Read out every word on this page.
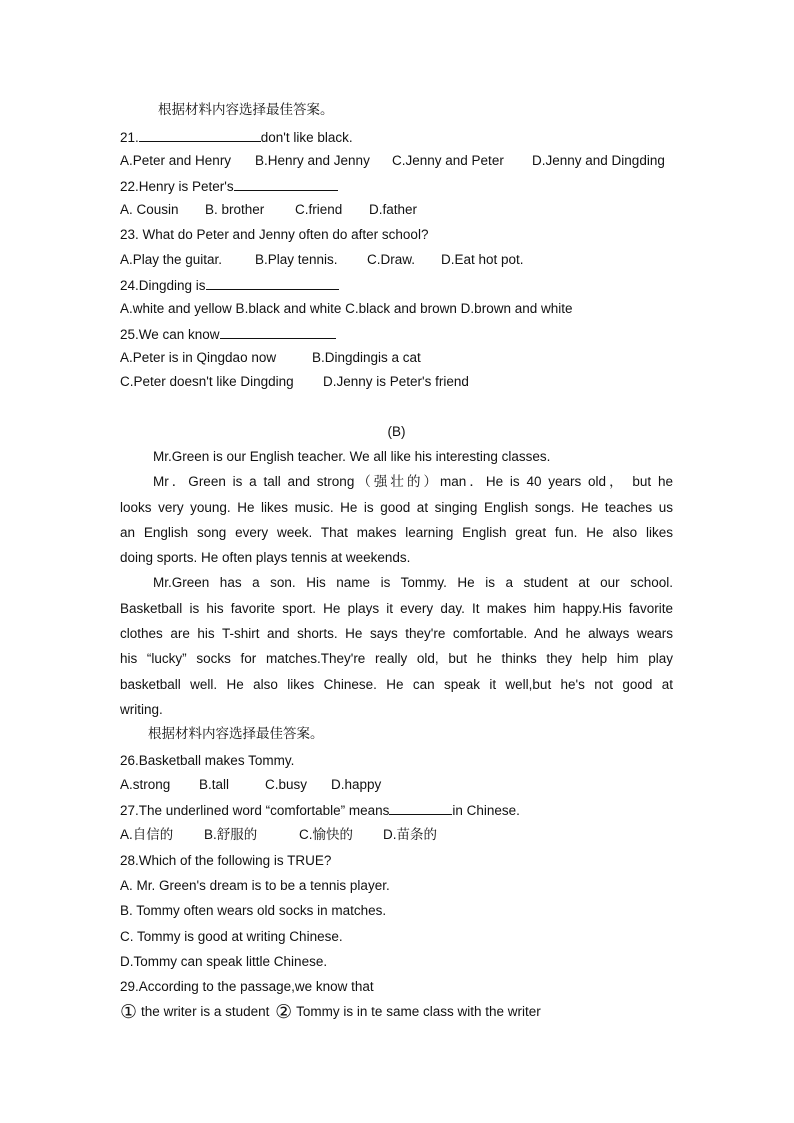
根据材料内容选择最佳答案。
21.	don't like black.
A.Peter and Henry B.Henry and Jenny C.Jenny and Peter D.Jenny and Dingding
22.Henry is Peter's
A. Cousin B. brother C.friend D.father
23. What do Peter and Jenny often do after school?
A.Play the guitar. B.Play tennis. C.Draw. D.Eat hot pot.
24.Dingding is
A.white and yellow B.black and white C.black and brown D.brown and white
25.We can know
A.Peter is in Qingdao now	B.Dingdingis a cat
C.Peter doesn't like Dingding D.Jenny is Peter's friend
(B)
Mr.Green is our English teacher. We all like his interesting classes.
Mr．Green is a tall and strong（强壮的）man．He is 40 years old， but he
looks very young. He likes music. He is good at singing English songs. He teaches us
an English song every week. That makes learning English great fun. He also likes
doing sports. He often plays tennis at weekends.
Mr.Green has a son. His name is Tommy. He is a student at our school.
Basketball is his favorite sport. He plays it every day. It makes him happy.His favorite
clothes are his T-shirt and shorts. He says they're comfortable. And he always wears
his “lucky” socks for matches.They're really old, but he thinks they help him play
basketball well. He also likes Chinese. He can speak it well,but he's not good at
writing.
根据材料内容选择最佳答案。
26.Basketball makes Tommy.
A.strong B.tall	C.busy D.happy
27.The underlined word “comfortable” means	in Chinese.
A.自信的 B.舒服的	C.愉快的 D.苗条的
28.Which of the following is TRUE?
A. Mr. Green's dream is to be a tennis player.
B. Tommy often wears old socks in matches.
C. Tommy is good at writing Chinese.
D.Tommy can speak little Chinese.
29.According to the passage,we know that
① the writer is a student ② Tommy is in te same class with the writer
